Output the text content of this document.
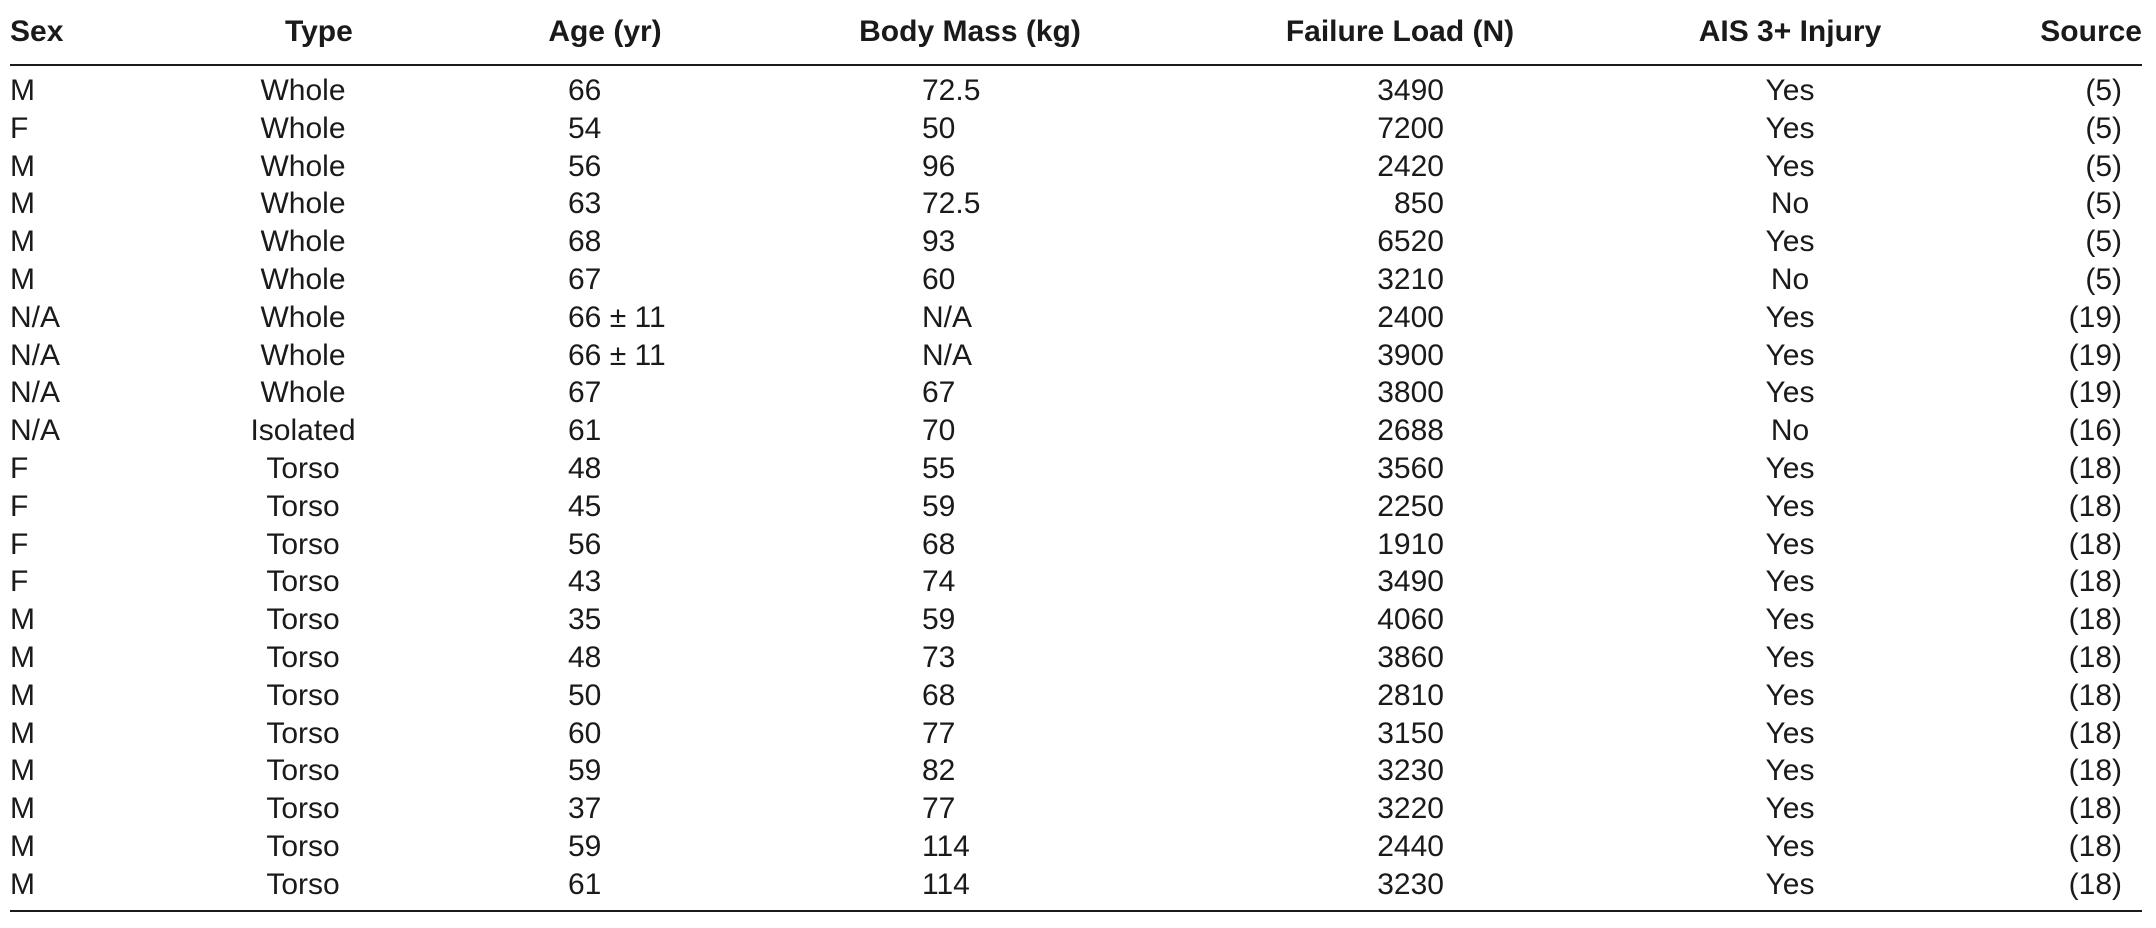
Sex	Type	Age (yr)	Body Mass (kg)	Failure Load (N)	AIS 3+ Injury	Source
M	Whole	66	72.5	3490	Yes	(5)
F	Whole	54	50	7200	Yes	(5)
M	Whole	56	96	2420	Yes	(5)
M	Whole	63	72.5	850	No	(5)
M	Whole	68	93	6520	Yes	(5)
M	Whole	67	60	3210	No	(5)
N/A	Whole	66 ± 11	N/A	2400	Yes	(19)
N/A	Whole	66 ± 11	N/A	3900	Yes	(19)
N/A	Whole	67	67	3800	Yes	(19)
N/A	Isolated	61	70	2688	No	(16)
F	Torso	48	55	3560	Yes	(18)
F	Torso	45	59	2250	Yes	(18)
F	Torso	56	68	1910	Yes	(18)
F	Torso	43	74	3490	Yes	(18)
M	Torso	35	59	4060	Yes	(18)
M	Torso	48	73	3860	Yes	(18)
M	Torso	50	68	2810	Yes	(18)
M	Torso	60	77	3150	Yes	(18)
M	Torso	59	82	3230	Yes	(18)
M	Torso	37	77	3220	Yes	(18)
M	Torso	59	114	2440	Yes	(18)
M	Torso	61	114	3230	Yes	(18)
